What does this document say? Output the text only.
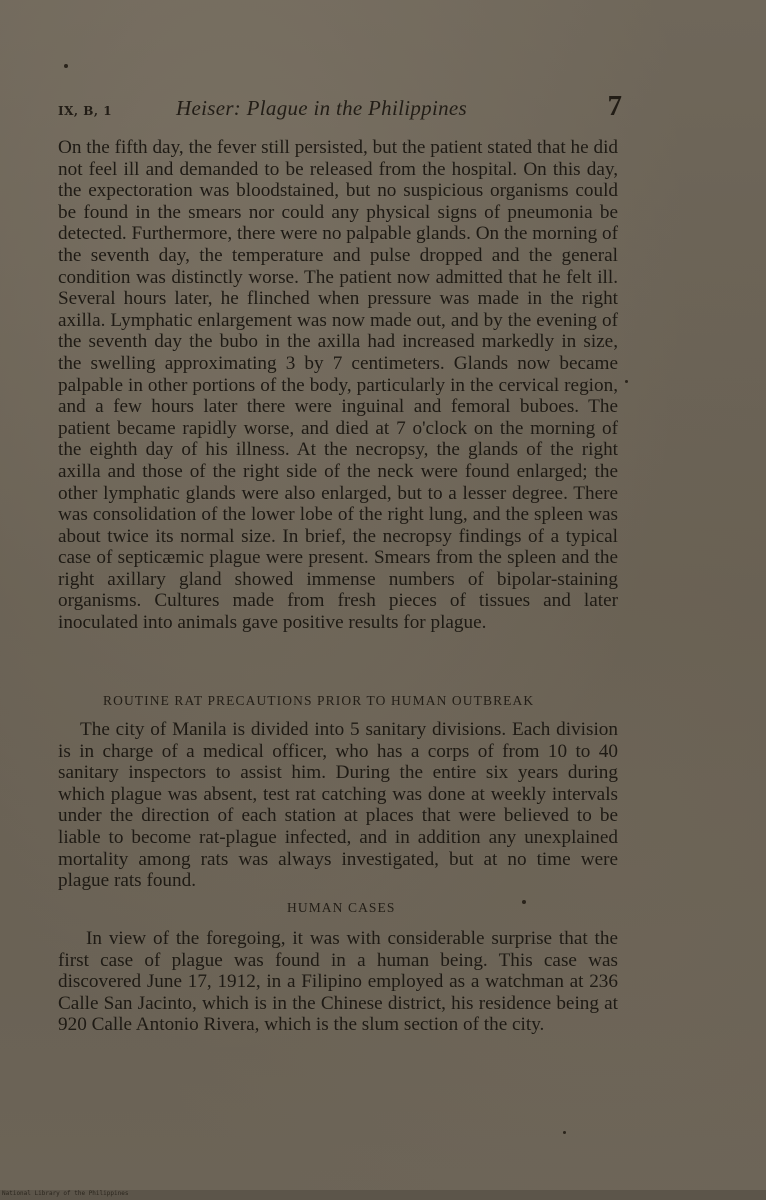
IX, B, 1	Heiser: Plague in the Philippines	7

On the fifth day, the fever still persisted, but the patient stated that he did not feel ill and demanded to be released from the hospital. On this day, the expectoration was bloodstained, but no suspicious organisms could be found in the smears nor could any physical signs of pneumonia be detected. Furthermore, there were no palpable glands. On the morning of the seventh day, the temperature and pulse dropped and the general condition was distinctly worse. The patient now admitted that he felt ill. Several hours later, he flinched when pressure was made in the right axilla. Lymphatic enlargement was now made out, and by the evening of the seventh day the bubo in the axilla had increased markedly in size, the swelling approximating 3 by 7 centimeters. Glands now became palpable in other portions of the body, particularly in the cervical region, and a few hours later there were inguinal and femoral buboes. The patient became rapidly worse, and died at 7 o'clock on the morning of the eighth day of his illness. At the necropsy, the glands of the right axilla and those of the right side of the neck were found enlarged; the other lymphatic glands were also enlarged, but to a lesser degree. There was consolidation of the lower lobe of the right lung, and the spleen was about twice its normal size. In brief, the necropsy findings of a typical case of septicæmic plague were present. Smears from the spleen and the right axillary gland showed immense numbers of bipolar-staining organisms. Cultures made from fresh pieces of tissues and later inoculated into animals gave positive results for plague.

ROUTINE RAT PRECAUTIONS PRIOR TO HUMAN OUTBREAK

The city of Manila is divided into 5 sanitary divisions. Each division is in charge of a medical officer, who has a corps of from 10 to 40 sanitary inspectors to assist him. During the entire six years during which plague was absent, test rat catching was done at weekly intervals under the direction of each station at places that were believed to be liable to become rat-plague infected, and in addition any unexplained mortality among rats was always investigated, but at no time were plague rats found.

HUMAN CASES

In view of the foregoing, it was with considerable surprise that the first case of plague was found in a human being. This case was discovered June 17, 1912, in a Filipino employed as a watchman at 236 Calle San Jacinto, which is in the Chinese district, his residence being at 920 Calle Antonio Rivera, which is the slum section of the city.

National Library of the Philippines
